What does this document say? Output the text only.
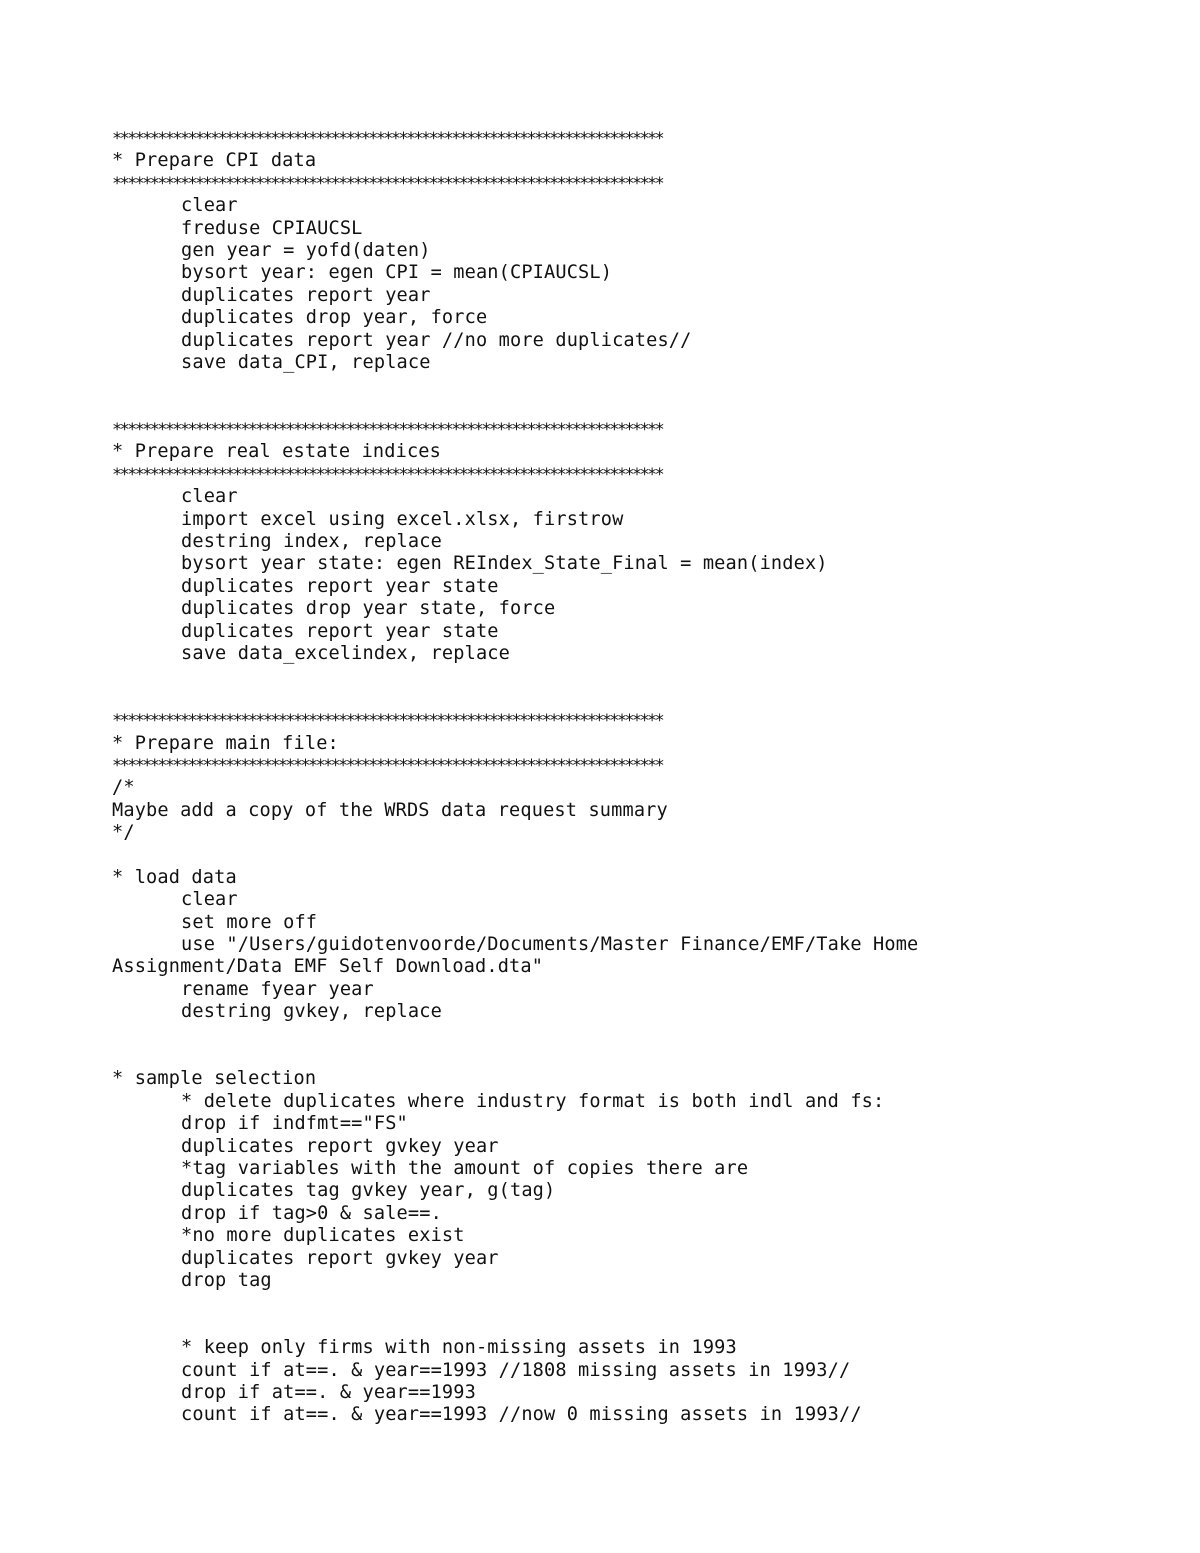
*************************************************************************
* Prepare CPI data
*************************************************************************
clear
freduse CPIAUCSL
gen year = yofd(daten)
bysort year: egen CPI = mean(CPIAUCSL)
duplicates report year
duplicates drop year, force
duplicates report year //no more duplicates//
save data_CPI, replace
*************************************************************************
* Prepare real estate indices
*************************************************************************
clear
import excel using excel.xlsx, firstrow
destring index, replace
bysort year state: egen REIndex_State_Final = mean(index)
duplicates report year state
duplicates drop year state, force
duplicates report year state
save data_excelindex, replace
*************************************************************************
* Prepare main file:
*************************************************************************
/*
Maybe add a copy of the WRDS data request summary
*/
* load data
clear
set more off
use "/Users/guidotenvoorde/Documents/Master Finance/EMF/Take Home
Assignment/Data EMF Self Download.dta"
rename fyear year
destring gvkey, replace
* sample selection
* delete duplicates where industry format is both indl and fs:
drop if indfmt=="FS"
duplicates report gvkey year
*tag variables with the amount of copies there are
duplicates tag gvkey year, g(tag)
drop if tag>0 & sale==.
*no more duplicates exist
duplicates report gvkey year
drop tag
* keep only firms with non-missing assets in 1993
count if at==. & year==1993 //1808 missing assets in 1993//
drop if at==. & year==1993
count if at==. & year==1993 //now 0 missing assets in 1993//
